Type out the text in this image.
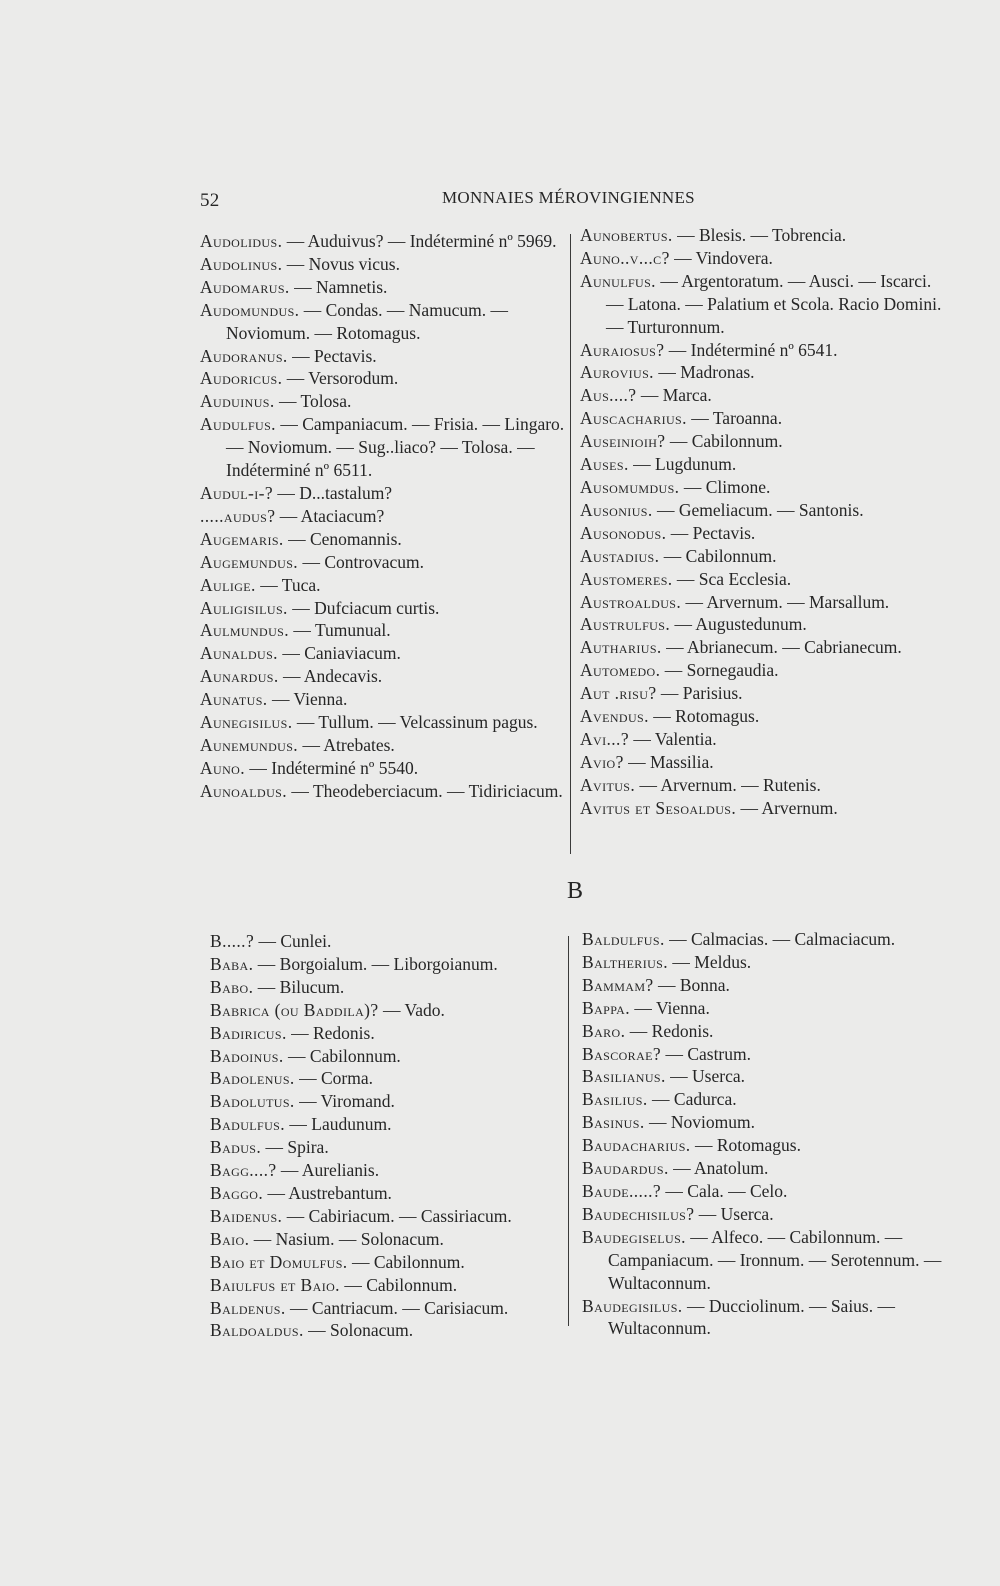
52	MONNAIES MÉROVINGIENNES

Audolidus. — Auduivus? — Indéterminé nº 5969.

Audolinus. — Novus vicus.

Audomarus. — Namnetis.

Audomundus. — Condas. — Namucum. — Noviomum. — Rotomagus.

Audoranus. — Pectavis.

Audoricus. — Versorodum.

Auduinus. — Tolosa.

Audulfus. — Campaniacum. — Frisia. — Lingaro. — Noviomum. — Sug..liaco? — Tolosa. — Indéterminé nº 6511.

Audul-i-? — D...tastalum?

.....audus? — Ataciacum?

Augemaris. — Cenomannis.

Augemundus. — Controvacum.

Aulige. — Tuca.

Auligisilus. — Dufciacum curtis.

Aulmundus. — Tumunual.

Aunaldus. — Caniaviacum.

Aunardus. — Andecavis.

Aunatus. — Vienna.

Aunegisilus. — Tullum. — Velcassinum pagus.

Aunemundus. — Atrebates.

Auno. — Indéterminé nº 5540.

Aunoaldus. — Theodeberciacum. — Tidiriciacum.

Aunobertus. — Blesis. — Tobrencia.

Auno..v...c? — Vindovera.

Aunulfus. — Argentoratum. — Ausci. — Iscarci. — Latona. — Palatium et Scola. Racio Domini. — Turturonnum.

Auraiosus? — Indéterminé nº 6541.

Aurovius. — Madronas.

Aus....? — Marca.

Auscacharius. — Taroanna.

Auseinioih? — Cabilonnum.

Auses. — Lugdunum.

Ausomumdus. — Climone.

Ausonius. — Gemeliacum. — Santonis.

Ausonodus. — Pectavis.

Austadius. — Cabilonnum.

Austomeres. — Sca Ecclesia.

Austroaldus. — Arvernum. — Marsallum.

Austrulfus. — Augustedunum.

Autharius. — Abrianecum. — Cabrianecum.

Automedo. — Sornegaudia.

Aut .risu? — Parisius.

Avendus. — Rotomagus.

Avi...? — Valentia.

Avio? — Massilia.

Avitus. — Arvernum. — Rutenis.

Avitus et Sesoaldus. — Arvernum.

B

B.....? — Cunlei.

Baba. — Borgoialum. — Liborgoianum.

Babo. — Bilucum.

Babrica (ou Baddila)? — Vado.

Badiricus. — Redonis.

Badoinus. — Cabilonnum.

Badolenus. — Corma.

Badolutus. — Viromand.

Badulfus. — Laudunum.

Badus. — Spira.

Bagg....? — Aurelianis.

Baggo. — Austrebantum.

Baidenus. — Cabiriacum. — Cassiriacum.

Baio. — Nasium. — Solonacum.

Baio et Domulfus. — Cabilonnum.

Baiulfus et Baio. — Cabilonnum.

Baldenus. — Cantriacum. — Carisiacum.

Baldoaldus. — Solonacum.

Baldulfus. — Calmacias. — Calmaciacum.

Baltherius. — Meldus.

Bammam? — Bonna.

Bappa. — Vienna.

Baro. — Redonis.

Bascorae? — Castrum.

Basilianus. — Userca.

Basilius. — Cadurca.

Basinus. — Noviomum.

Baudacharius. — Rotomagus.

Baudardus. — Anatolum.

Baude.....? — Cala. — Celo.

Baudechisilus? — Userca.

Baudegiselus. — Alfeco. — Cabilonnum. — Campaniacum. — Ironnum. — Serotennum. — Wultaconnum.

Baudegisilus. — Ducciolinum. — Saius. — Wultaconnum.
